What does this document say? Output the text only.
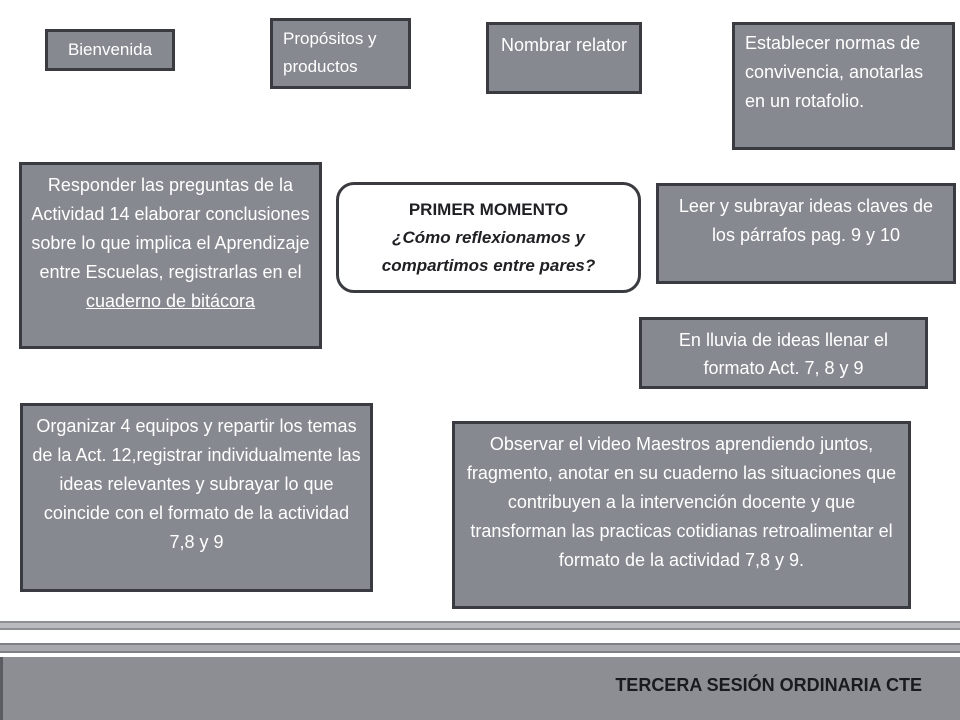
Bienvenida
Propósitos y
productos
Nombrar relator	Establecer normas de convivencia, anotarlas en un rotafolio.
Responder las preguntas de la Actividad 14 elaborar conclusiones sobre lo que implica el Aprendizaje entre Escuelas, registrarlas en el cuaderno de bitácora
PRIMER MOMENTO
¿Cómo reflexionamos y compartimos entre pares?
Leer y subrayar ideas claves de los párrafos pag. 9 y 10
En lluvia de ideas llenar el formato Act. 7, 8 y 9
Organizar 4 equipos y repartir los temas de la Act. 12,registrar individualmente las ideas relevantes y subrayar lo que coincide con el formato de la actividad 7,8 y 9
Observar el video Maestros aprendiendo juntos, fragmento, anotar en su cuaderno las situaciones que contribuyen a la intervención docente y que transforman las practicas cotidianas retroalimentar el formato de la actividad 7,8 y 9.
TERCERA SESIÓN ORDINARIA CTE
